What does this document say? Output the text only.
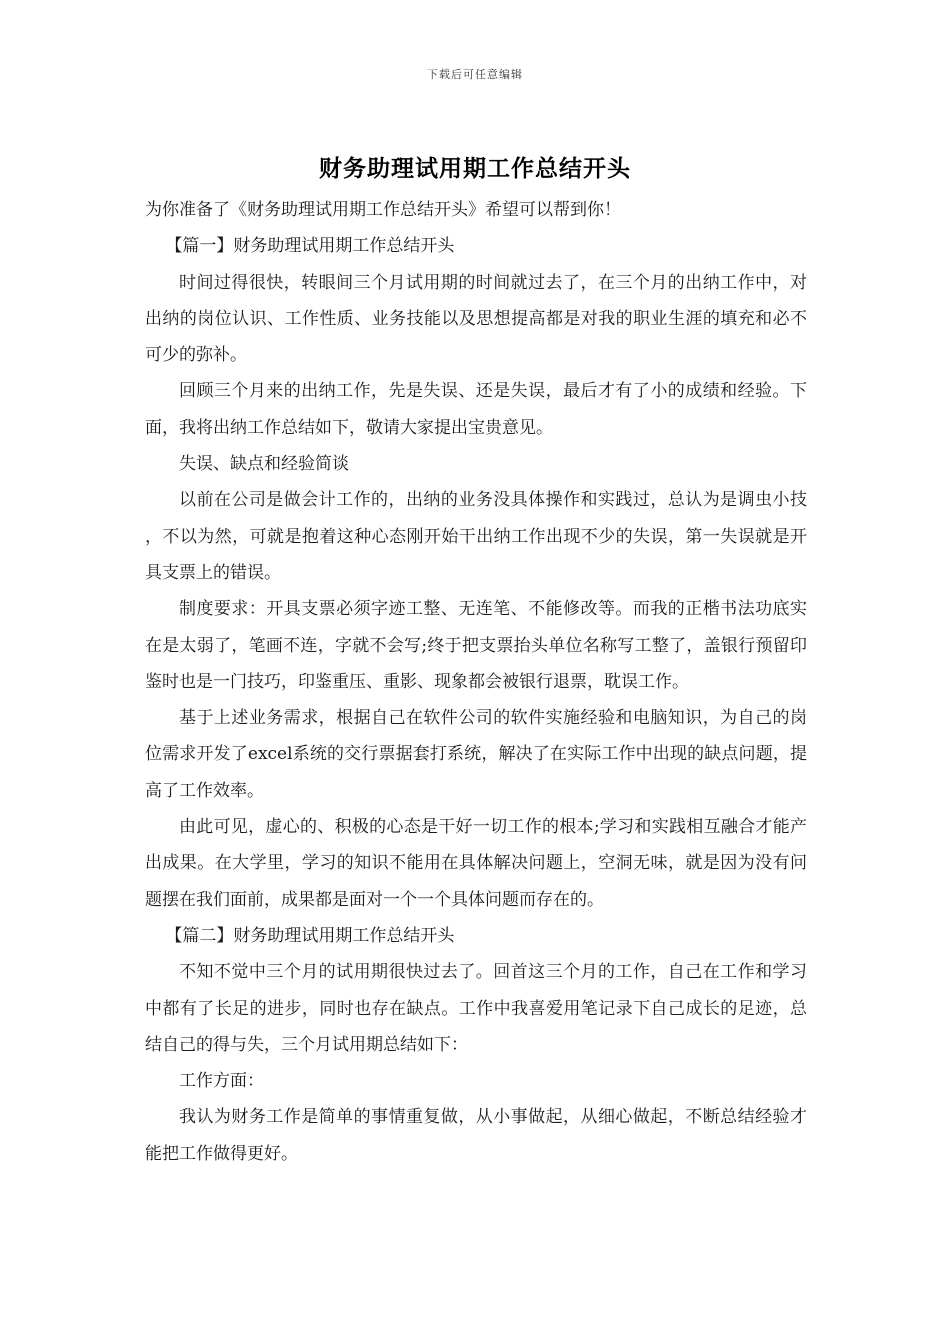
下载后可任意编辑
财务助理试用期工作总结开头

为你准备了《财务助理试用期工作总结开头》希望可以帮到你！

【篇一】财务助理试用期工作总结开头

时间过得很快，转眼间三个月试用期的时间就过去了，在三个月的出纳工作中，对出纳的岗位认识、工作性质、业务技能以及思想提高都是对我的职业生涯的填充和必不可少的弥补。

回顾三个月来的出纳工作，先是失误、还是失误，最后才有了小的成绩和经验。下面，我将出纳工作总结如下，敬请大家提出宝贵意见。

失误、缺点和经验简谈

以前在公司是做会计工作的，出纳的业务没具体操作和实践过，总认为是调虫小技 ，不以为然，可就是抱着这种心态刚开始干出纳工作出现不少的失误，第一失误就是开具支票上的错误。

制度要求：开具支票必须字迹工整、无连笔、不能修改等。而我的正楷书法功底实在是太弱了，笔画不连，字就不会写;终于把支票抬头单位名称写工整了，盖银行预留印鉴时也是一门技巧，印鉴重压、重影、现象都会被银行退票，耽误工作。

基于上述业务需求，根据自己在软件公司的软件实施经验和电脑知识，为自己的岗位需求开发了excel系统的交行票据套打系统，解决了在实际工作中出现的缺点问题，提高了工作效率。

由此可见，虚心的、积极的心态是干好一切工作的根本;学习和实践相互融合才能产出成果。在大学里，学习的知识不能用在具体解决问题上，空洞无味，就是因为没有问题摆在我们面前，成果都是面对一个一个具体问题而存在的。

【篇二】财务助理试用期工作总结开头

不知不觉中三个月的试用期很快过去了。回首这三个月的工作，自己在工作和学习中都有了长足的进步，同时也存在缺点。工作中我喜爱用笔记录下自己成长的足迹，总结自己的得与失，三个月试用期总结如下：

工作方面：

我认为财务工作是简单的事情重复做，从小事做起，从细心做起，不断总结经验才能把工作做得更好。
